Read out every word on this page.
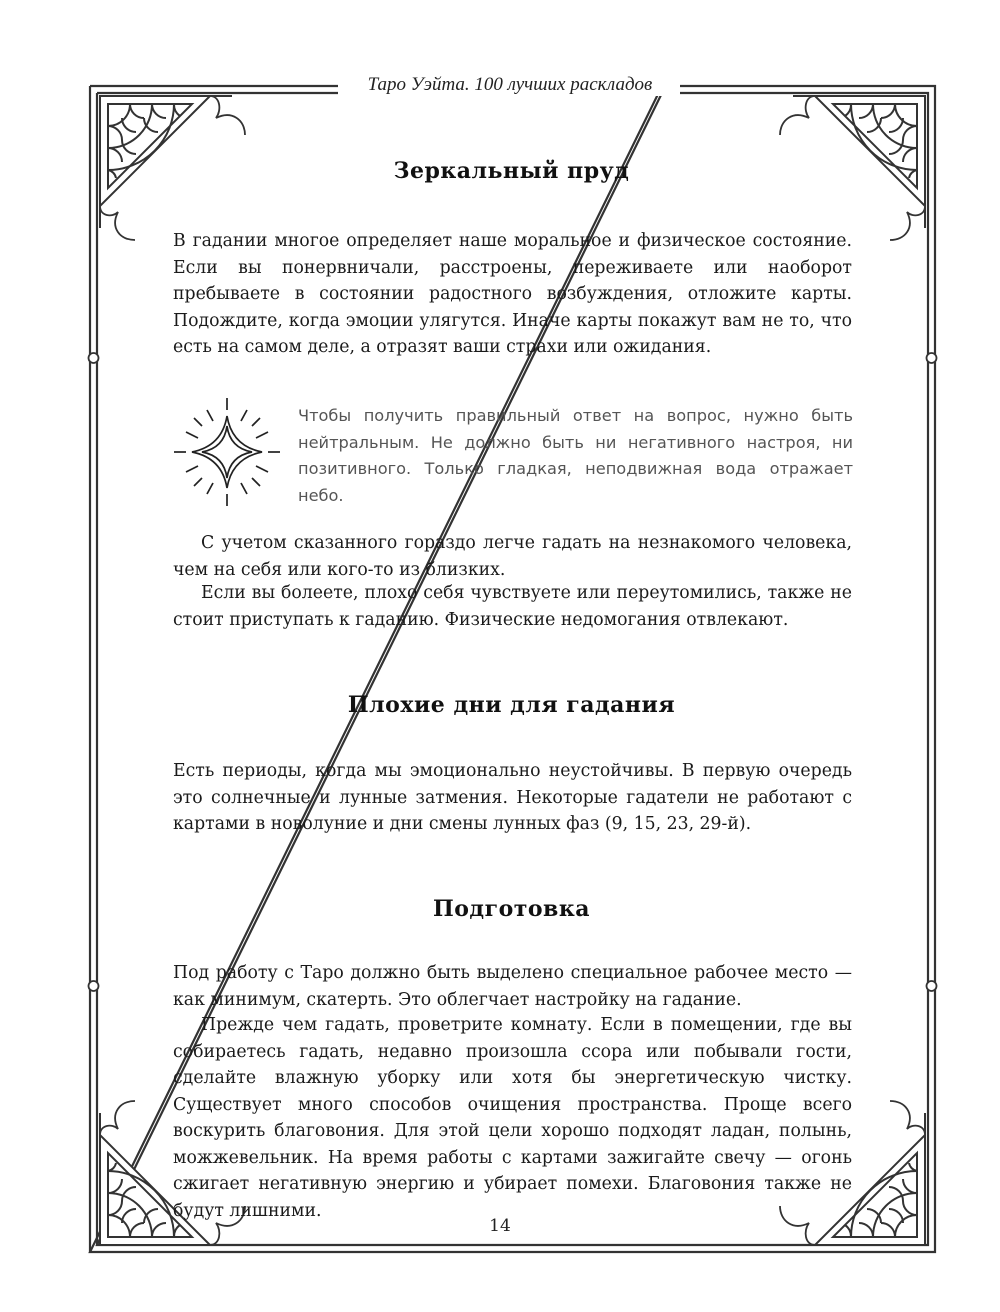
Таро Уэйта. 100 лучших раскладов
Зеркальный пруд

В гадании многое определяет наше моральное и физическое состояние. Если вы понервничали, расстроены, переживаете или наоборот пребываете в состоянии радостного возбуждения, отложите карты. Подождите, когда эмоции улягутся. Иначе карты покажут вам не то, что есть на самом деле, а отразят ваши страхи или ожидания.

Чтобы получить правильный ответ на вопрос, нужно быть нейтральным. Не должно быть ни негативного настроя, ни позитивного. Только гладкая, неподвижная вода отражает небо.

С учетом сказанного гораздо легче гадать на незнакомого человека, чем на себя или кого-то из близких.

Если вы болеете, плохо себя чувствуете или переутомились, также не стоит приступать к гаданию. Физические недомогания отвлекают.

Плохие дни для гадания

Есть периоды, когда мы эмоционально неустойчивы. В первую очередь это солнечные и лунные затмения. Некоторые гадатели не работают с картами в новолуние и дни смены лунных фаз (9, 15, 23, 29-й).

Подготовка

Под работу с Таро должно быть выделено специальное рабочее место — как минимум, скатерть. Это облегчает настройку на гадание.

Прежде чем гадать, проветрите комнату. Если в помещении, где вы собираетесь гадать, недавно произошла ссора или побывали гости, сделайте влажную уборку или хотя бы энергетическую чистку. Существует много способов очищения пространства. Проще всего воскурить благовония. Для этой цели хорошо подходят ладан, полынь, можжевельник. На время работы с картами зажигайте свечу — огонь сжигает негативную энергию и убирает помехи. Благовония также не будут лишними.

14
